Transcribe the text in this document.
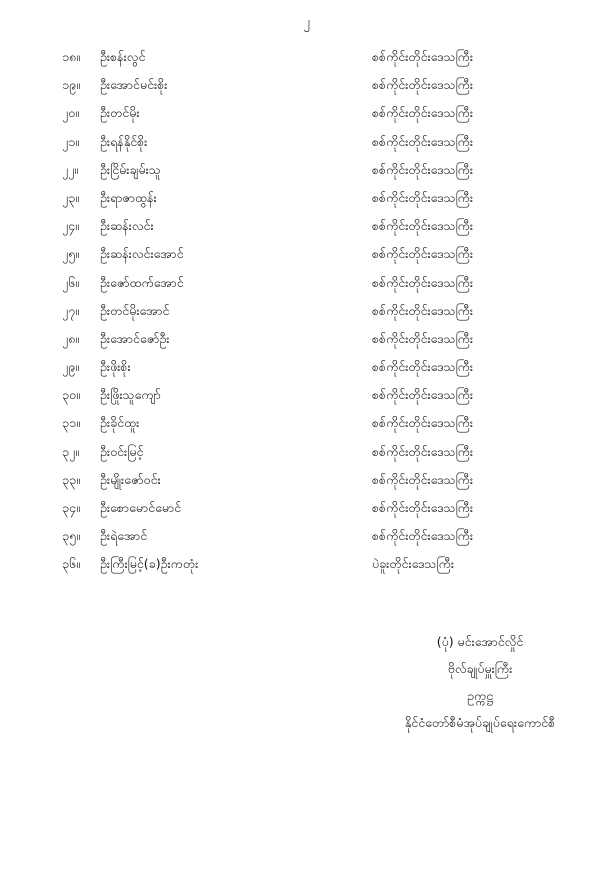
၂
၁၈။	ဦးစန်းလွင်	စစ်ကိုင်းတိုင်းဒေသကြီး
၁၉။	ဦးအောင်မင်းစိုး	စစ်ကိုင်းတိုင်းဒေသကြီး
၂၀။	ဦးတင်မိုး	စစ်ကိုင်းတိုင်းဒေသကြီး
၂၁။	ဦးရန်နိုင်စိုး	စစ်ကိုင်းတိုင်းဒေသကြီး
၂၂။	ဦးငြိမ်းချမ်းသူ	စစ်ကိုင်းတိုင်းဒေသကြီး
၂၃။	ဦးရာဇာထွန်း	စစ်ကိုင်းတိုင်းဒေသကြီး
၂၄။	ဦးဆန်းလင်း	စစ်ကိုင်းတိုင်းဒေသကြီး
၂၅။	ဦးဆန်းလင်းအောင်	စစ်ကိုင်းတိုင်းဒေသကြီး
၂၆။	ဦးဇော်ထက်အောင်	စစ်ကိုင်းတိုင်းဒေသကြီး
၂၇။	ဦးတင်မိုးအောင်	စစ်ကိုင်းတိုင်းဒေသကြီး
၂၈။	ဦးအောင်ဇော်ဦး	စစ်ကိုင်းတိုင်းဒေသကြီး
၂၉။	ဦးဖိုးစိုး	စစ်ကိုင်းတိုင်းဒေသကြီး
၃၀။	ဦးဖြိုးသူကျော်	စစ်ကိုင်းတိုင်းဒေသကြီး
၃၁။	ဦးခိုင်ထူး	စစ်ကိုင်းတိုင်းဒေသကြီး
၃၂။	ဦးဝင်းမြင့်	စစ်ကိုင်းတိုင်းဒေသကြီး
၃၃။	ဦးမျိုးဇော်ဝင်း	စစ်ကိုင်းတိုင်းဒေသကြီး
၃၄။	ဦးစောမောင်မောင်	စစ်ကိုင်းတိုင်းဒေသကြီး
၃၅။	ဦးရဲအောင်	စစ်ကိုင်းတိုင်းဒေသကြီး
၃၆။	ဦးကြီးမြင့်(ခ)ဦးကတုံး	ပဲခူးတိုင်းဒေသကြီး
(ပုံ) မင်းအောင်လှိုင်
ဗိုလ်ချုပ်မှူးကြီး
ဥက္ကဋ္ဌ
နိုင်ငံတော်စီမံအုပ်ချုပ်ရေးကောင်စီ
